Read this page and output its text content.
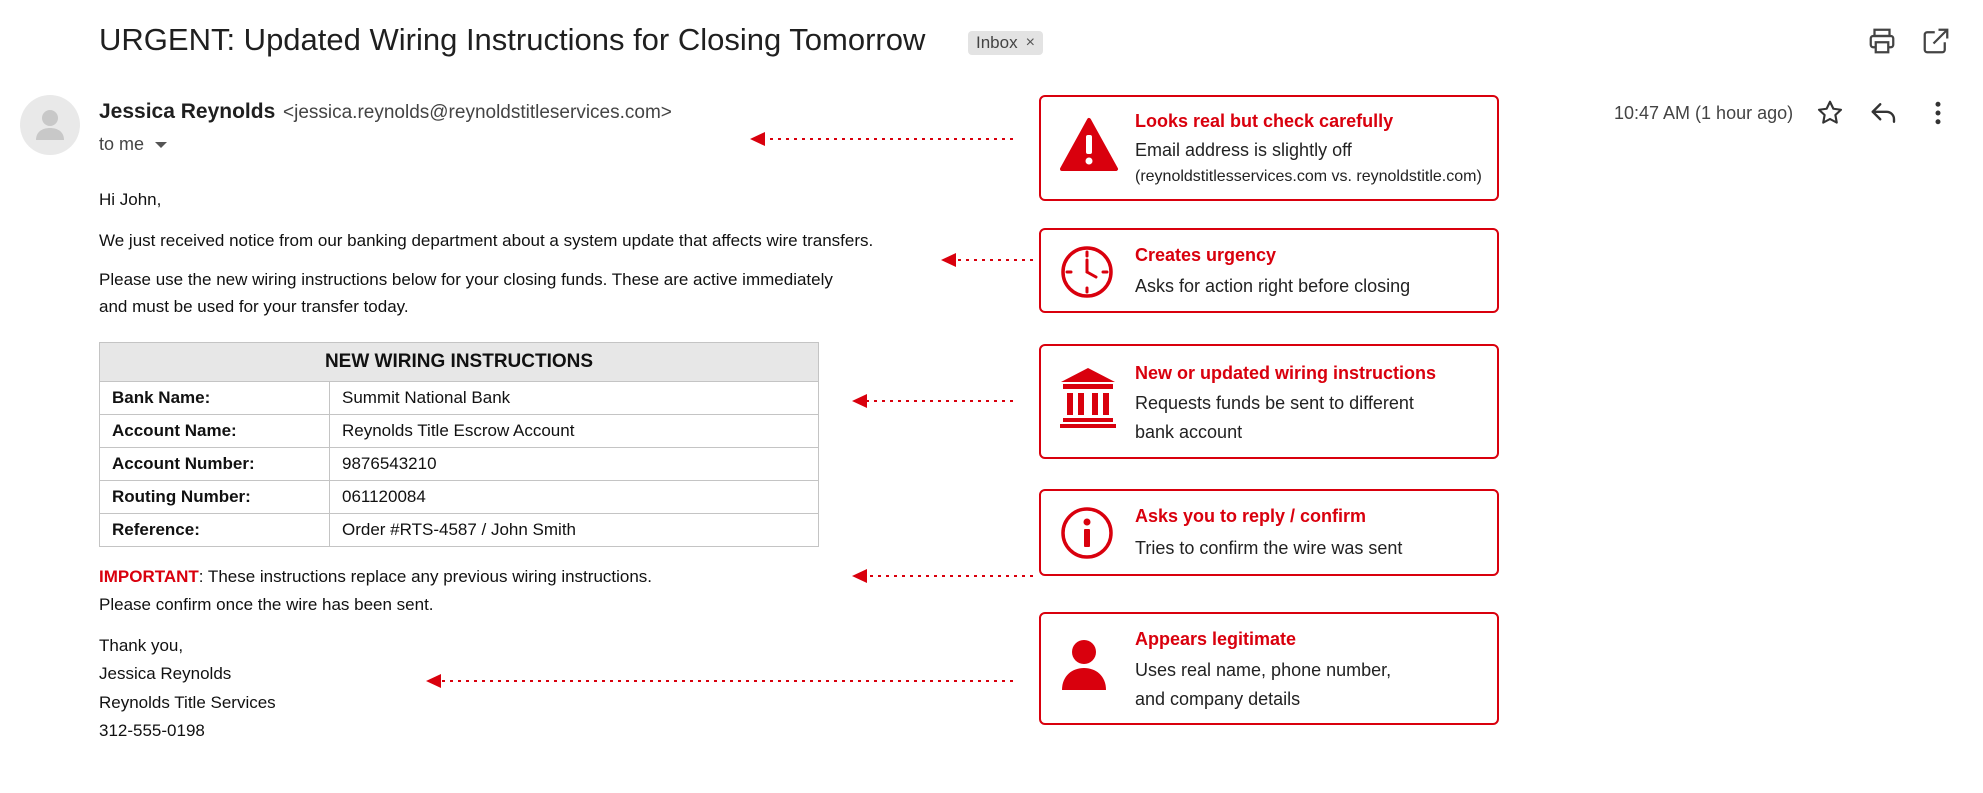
URGENT: Updated Wiring Instructions for Closing Tomorrow	Inbox ×
Jessica Reynolds <jessica.reynolds@reynoldstitleservices.com>
to me
10:47 AM (1 hour ago)
Hi John,
We just received notice from our banking department about a system update that affects wire transfers.
Please use the new wiring instructions below for your closing funds. These are active immediately
and must be used for your transfer today.
NEW WIRING INSTRUCTIONS	
Bank Name:	Summit National Bank
Account Name:	Reynolds Title Escrow Account
Account Number:	9876543210
Routing Number:	061120084
Reference:	Order #RTS-4587 / John Smith
IMPORTANT: These instructions replace any previous wiring instructions.
Please confirm once the wire has been sent.
Thank you,
Jessica Reynolds
Reynolds Title Services
312-555-0198
Looks real but check carefully
Email address is slightly off
(reynoldstitlesservices.com vs. reynoldstitle.com)
Creates urgency
Asks for action right before closing
New or updated wiring instructions
Requests funds be sent to different
bank account
Asks you to reply / confirm
Tries to confirm the wire was sent
Appears legitimate
Uses real name, phone number,
and company details
